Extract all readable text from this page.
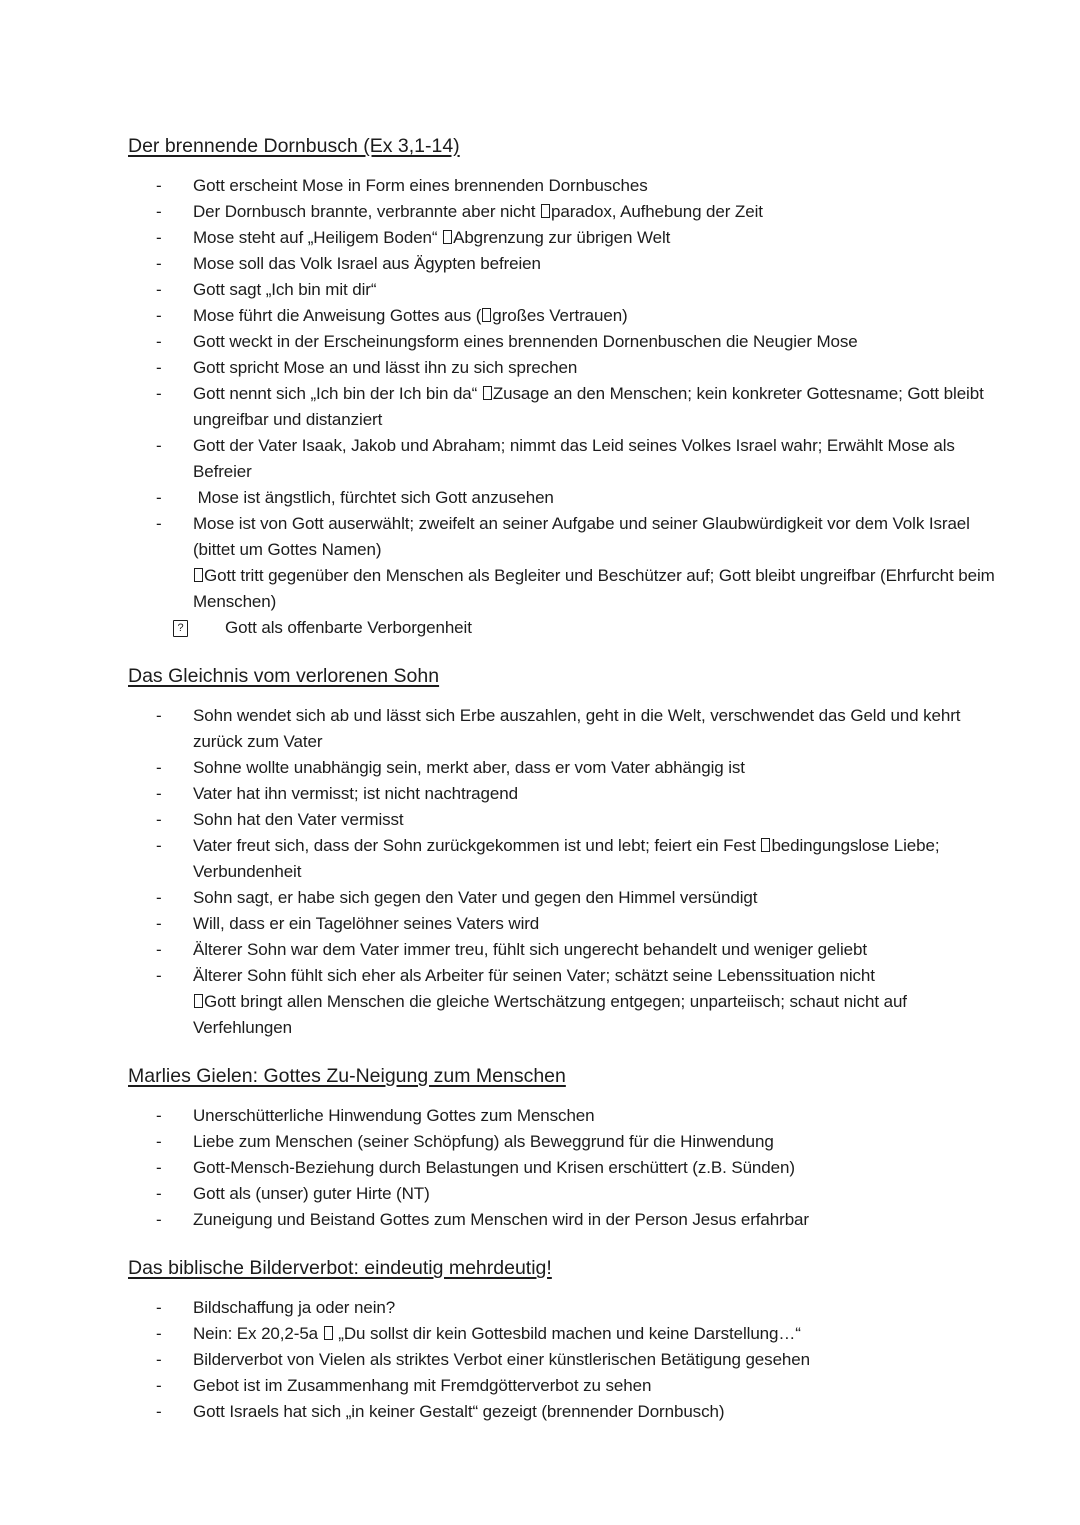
Der brennende Dornbusch (Ex 3,1-14)
- Gott erscheint Mose in Form eines brennenden Dornbusches
- Der Dornbusch brannte, verbrannte aber nicht paradox, Aufhebung der Zeit
- Mose steht auf „Heiligem Boden“ Abgrenzung zur übrigen Welt
- Mose soll das Volk Israel aus Ägypten befreien
- Gott sagt „Ich bin mit dir“
- Mose führt die Anweisung Gottes aus ( großes Vertrauen)
- Gott weckt in der Erscheinungsform eines brennenden Dornenbuschen die Neugier Mose
- Gott spricht Mose an und lässt ihn zu sich sprechen
- Gott nennt sich „Ich bin der Ich bin da“ Zusage an den Menschen; kein konkreter Gottesname; Gott bleibt ungreifbar und distanziert
- Gott der Vater Isaak, Jakob und Abraham; nimmt das Leid seines Volkes Israel wahr; Erwählt Mose als Befreier
- Mose ist ängstlich, fürchtet sich Gott anzusehen
- Mose ist von Gott auserwählt; zweifelt an seiner Aufgabe und seiner Glaubwürdigkeit vor dem Volk Israel (bittet um Gottes Namen)
Gott tritt gegenüber den Menschen als Begleiter und Beschützer auf; Gott bleibt ungreifbar (Ehrfurcht beim Menschen)
? Gott als offenbarte Verborgenheit
Das Gleichnis vom verlorenen Sohn
- Sohn wendet sich ab und lässt sich Erbe auszahlen, geht in die Welt, verschwendet das Geld und kehrt zurück zum Vater
- Sohne wollte unabhängig sein, merkt aber, dass er vom Vater abhängig ist
- Vater hat ihn vermisst; ist nicht nachtragend
- Sohn hat den Vater vermisst
- Vater freut sich, dass der Sohn zurückgekommen ist und lebt; feiert ein Fest bedingungslose Liebe; Verbundenheit
- Sohn sagt, er habe sich gegen den Vater und gegen den Himmel versündigt
- Will, dass er ein Tagelöhner seines Vaters wird
- Älterer Sohn war dem Vater immer treu, fühlt sich ungerecht behandelt und weniger geliebt
- Älterer Sohn fühlt sich eher als Arbeiter für seinen Vater; schätzt seine Lebenssituation nicht
Gott bringt allen Menschen die gleiche Wertschätzung entgegen; unparteiisch; schaut nicht auf Verfehlungen
Marlies Gielen: Gottes Zu-Neigung zum Menschen
- Unerschütterliche Hinwendung Gottes zum Menschen
- Liebe zum Menschen (seiner Schöpfung) als Beweggrund für die Hinwendung
- Gott-Mensch-Beziehung durch Belastungen und Krisen erschüttert (z.B. Sünden)
- Gott als (unser) guter Hirte (NT)
- Zuneigung und Beistand Gottes zum Menschen wird in der Person Jesus erfahrbar
Das biblische Bilderverbot: eindeutig mehrdeutig!
- Bildschaffung ja oder nein?
- Nein: Ex 20,2-5a  „Du sollst dir kein Gottesbild machen und keine Darstellung…“
- Bilderverbot von Vielen als striktes Verbot einer künstlerischen Betätigung gesehen
- Gebot ist im Zusammenhang mit Fremdgötterverbot zu sehen
- Gott Israels hat sich „in keiner Gestalt“ gezeigt (brennender Dornbusch)
